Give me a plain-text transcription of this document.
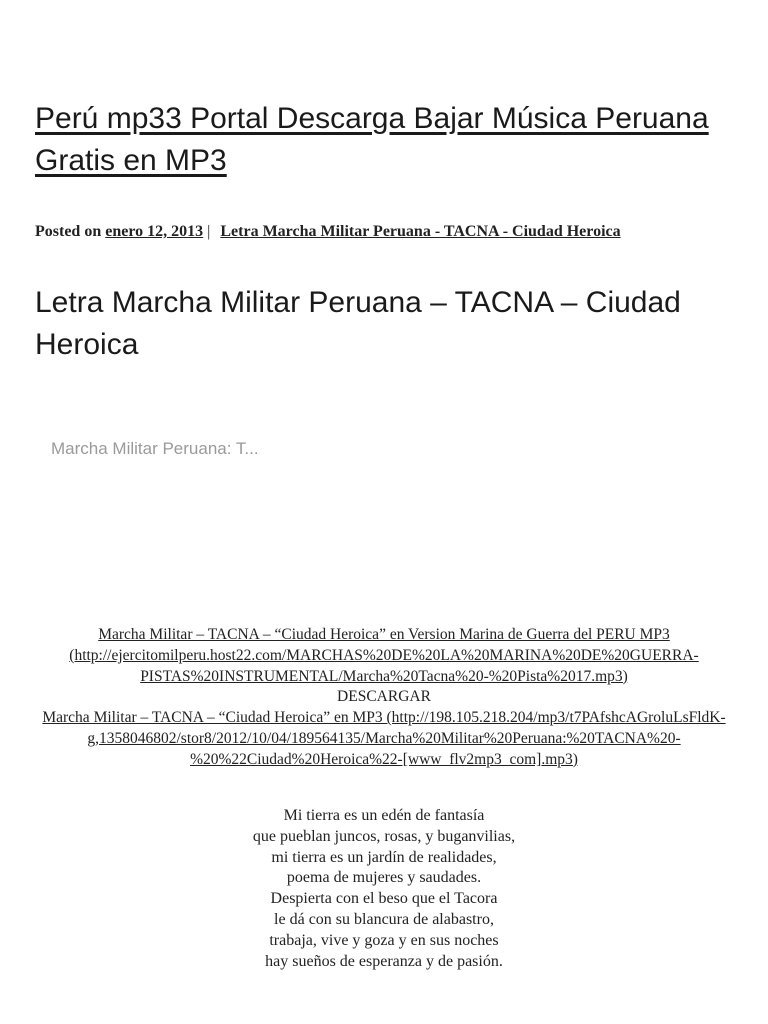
Perú mp33 Portal Descarga Bajar Música Peruana Gratis en MP3
Posted on enero 12, 2013 | Letra Marcha Militar Peruana - TACNA - Ciudad Heroica
Letra Marcha Militar Peruana – TACNA – Ciudad Heroica
Marcha Militar Peruana: T...
Marcha Militar – TACNA – “Ciudad Heroica” en Version Marina de Guerra del PERU MP3 (http://ejercitomilperu.host22.com/MARCHAS%20DE%20LA%20MARINA%20DE%20GUERRA-PISTAS%20INSTRUMENTAL/Marcha%20Tacna%20-%20Pista%2017.mp3)
DESCARGAR
Marcha Militar – TACNA – “Ciudad Heroica” en MP3 (http://198.105.218.204/mp3/t7PAfshcAGroluLsFldK-g,1358046802/stor8/2012/10/04/189564135/Marcha%20Militar%20Peruana:%20TACNA%20-%20%22Ciudad%20Heroica%22-[www_flv2mp3_com].mp3)
Mi tierra es un edén de fantasía
que pueblan juncos, rosas, y buganvilias,
mi tierra es un jardín de realidades,
poema de mujeres y saudades.
Despierta con el beso que el Tacora
le dá con su blancura de alabastro,
trabaja, vive y goza y en sus noches
hay sueños de esperanza y de pasión.
